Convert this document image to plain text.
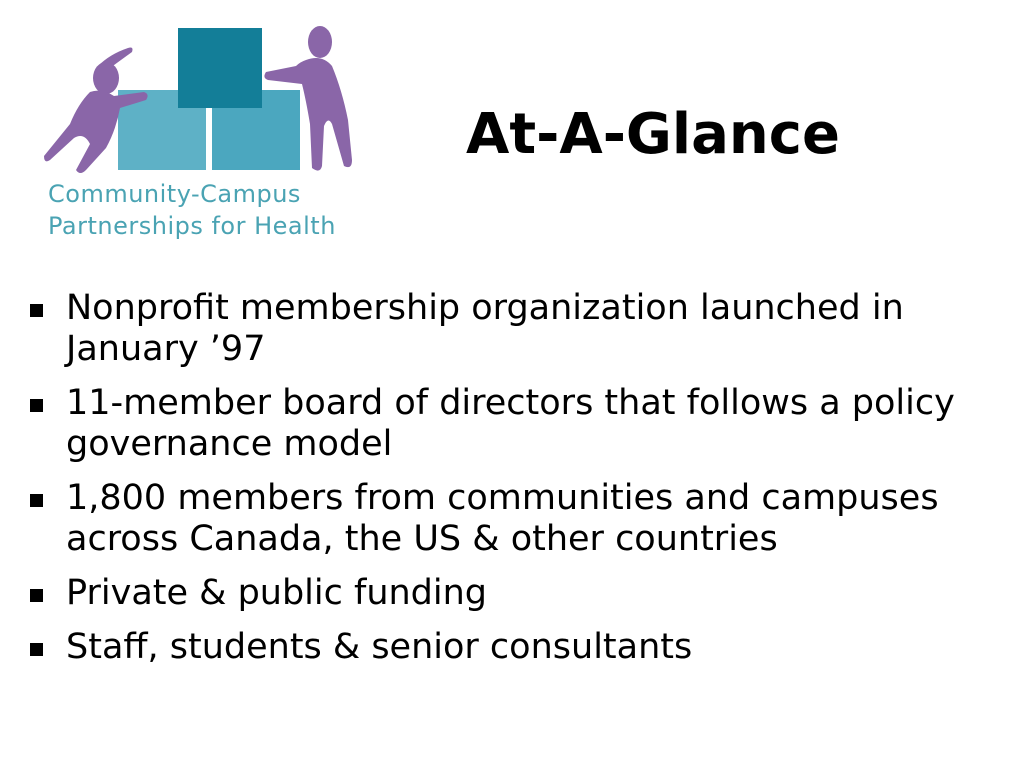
Community-Campus
Partnerships for Health
At-A-Glance
Nonprofit membership organization launched in January ’97
11-member board of directors that follows a policy governance model
1,800 members from communities and campuses across Canada, the US & other countries
Private & public funding
Staff, students & senior consultants
